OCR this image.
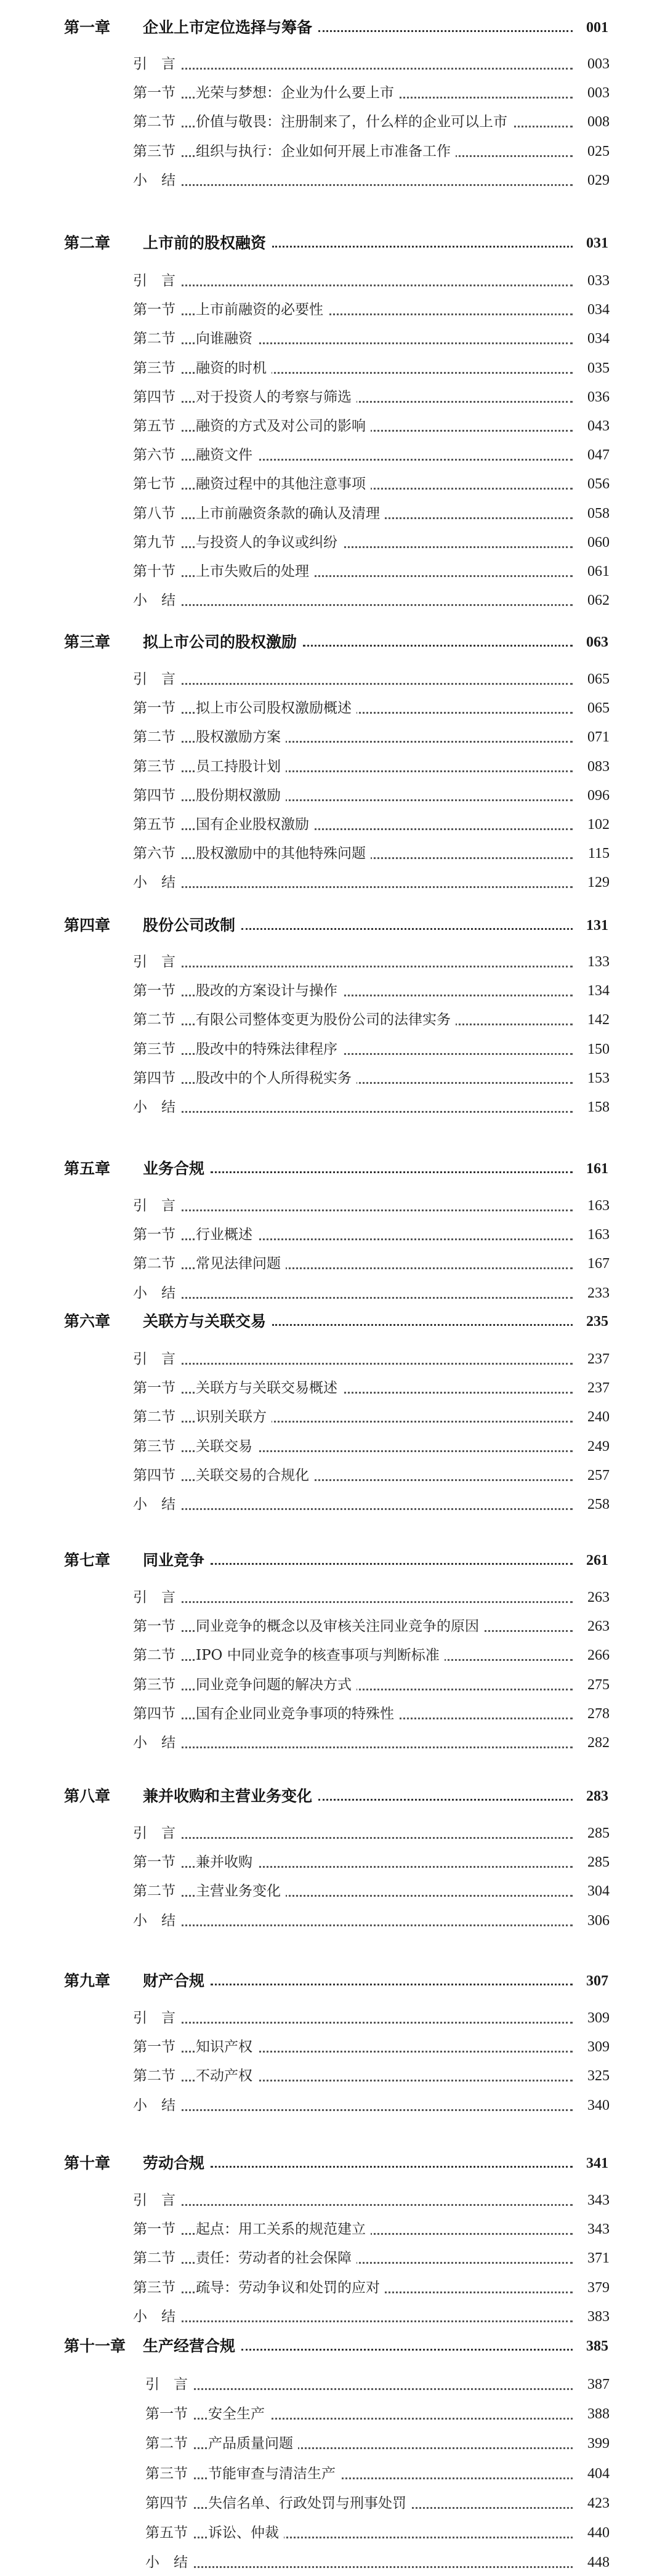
第一章 企业上市定位选择与筹备	001
引　言	003
第一节	光荣与梦想：企业为什么要上市	003
第二节	价值与敬畏：注册制来了，什么样的企业可以上市	008
第三节	组织与执行：企业如何开展上市准备工作	025
小　结	029
第二章 上市前的股权融资	031
引　言	033
第一节	上市前融资的必要性	034
第二节	向谁融资	034
第三节	融资的时机	035
第四节	对于投资人的考察与筛选	036
第五节	融资的方式及对公司的影响	043
第六节	融资文件	047
第七节	融资过程中的其他注意事项	056
第八节	上市前融资条款的确认及清理	058
第九节	与投资人的争议或纠纷	060
第十节	上市失败后的处理	061
小　结	062
第三章 拟上市公司的股权激励	063
引　言	065
第一节	拟上市公司股权激励概述	065
第二节	股权激励方案	071
第三节	员工持股计划	083
第四节	股份期权激励	096
第五节	国有企业股权激励	102
第六节	股权激励中的其他特殊问题	115
小　结	129
第四章 股份公司改制	131
引　言	133
第一节	股改的方案设计与操作	134
第二节	有限公司整体变更为股份公司的法律实务	142
第三节	股改中的特殊法律程序	150
第四节	股改中的个人所得税实务	153
小　结	158
第五章 业务合规	161
引　言	163
第一节	行业概述	163
第二节	常见法律问题	167
小　结	233
第六章 关联方与关联交易	235
引　言	237
第一节	关联方与关联交易概述	237
第二节	识别关联方	240
第三节	关联交易	249
第四节	关联交易的合规化	257
小　结	258
第七章 同业竞争	261
引　言	263
第一节	同业竞争的概念以及审核关注同业竞争的原因	263
第二节	IPO 中同业竞争的核查事项与判断标准	266
第三节	同业竞争问题的解决方式	275
第四节	国有企业同业竞争事项的特殊性	278
小　结	282
第八章 兼并收购和主营业务变化	283
引　言	285
第一节	兼并收购	285
第二节	主营业务变化	304
小　结	306
第九章 财产合规	307
引　言	309
第一节	知识产权	309
第二节	不动产权	325
小　结	340
第十章 劳动合规	341
引　言	343
第一节	起点：用工关系的规范建立	343
第二节	责任：劳动者的社会保障	371
第三节	疏导：劳动争议和处罚的应对	379
小　结	383
第十一章 生产经营合规	385
引　言	387
第一节	安全生产	388
第二节	产品质量问题	399
第三节	节能审查与清洁生产	404
第四节	失信名单、行政处罚与刑事处罚	423
第五节	诉讼、仲裁	440
小　结	448
